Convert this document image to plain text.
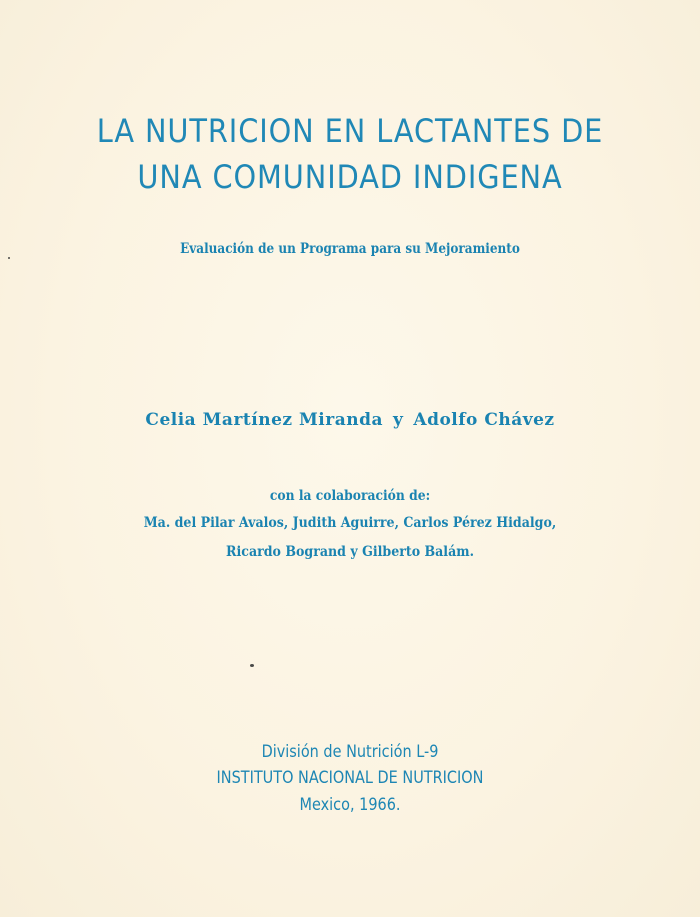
LA NUTRICION EN LACTANTES DE
UNA COMUNIDAD INDIGENA
Evaluación de un Programa para su Mejoramiento
Celia Martínez Miranda y Adolfo Chávez
con la colaboración de:
Ma. del Pilar Avalos, Judith Aguirre, Carlos Pérez Hidalgo,
Ricardo Bogrand y Gilberto Balám.
División de Nutrición L-9
INSTITUTO NACIONAL DE NUTRICION
Mexico, 1966.
